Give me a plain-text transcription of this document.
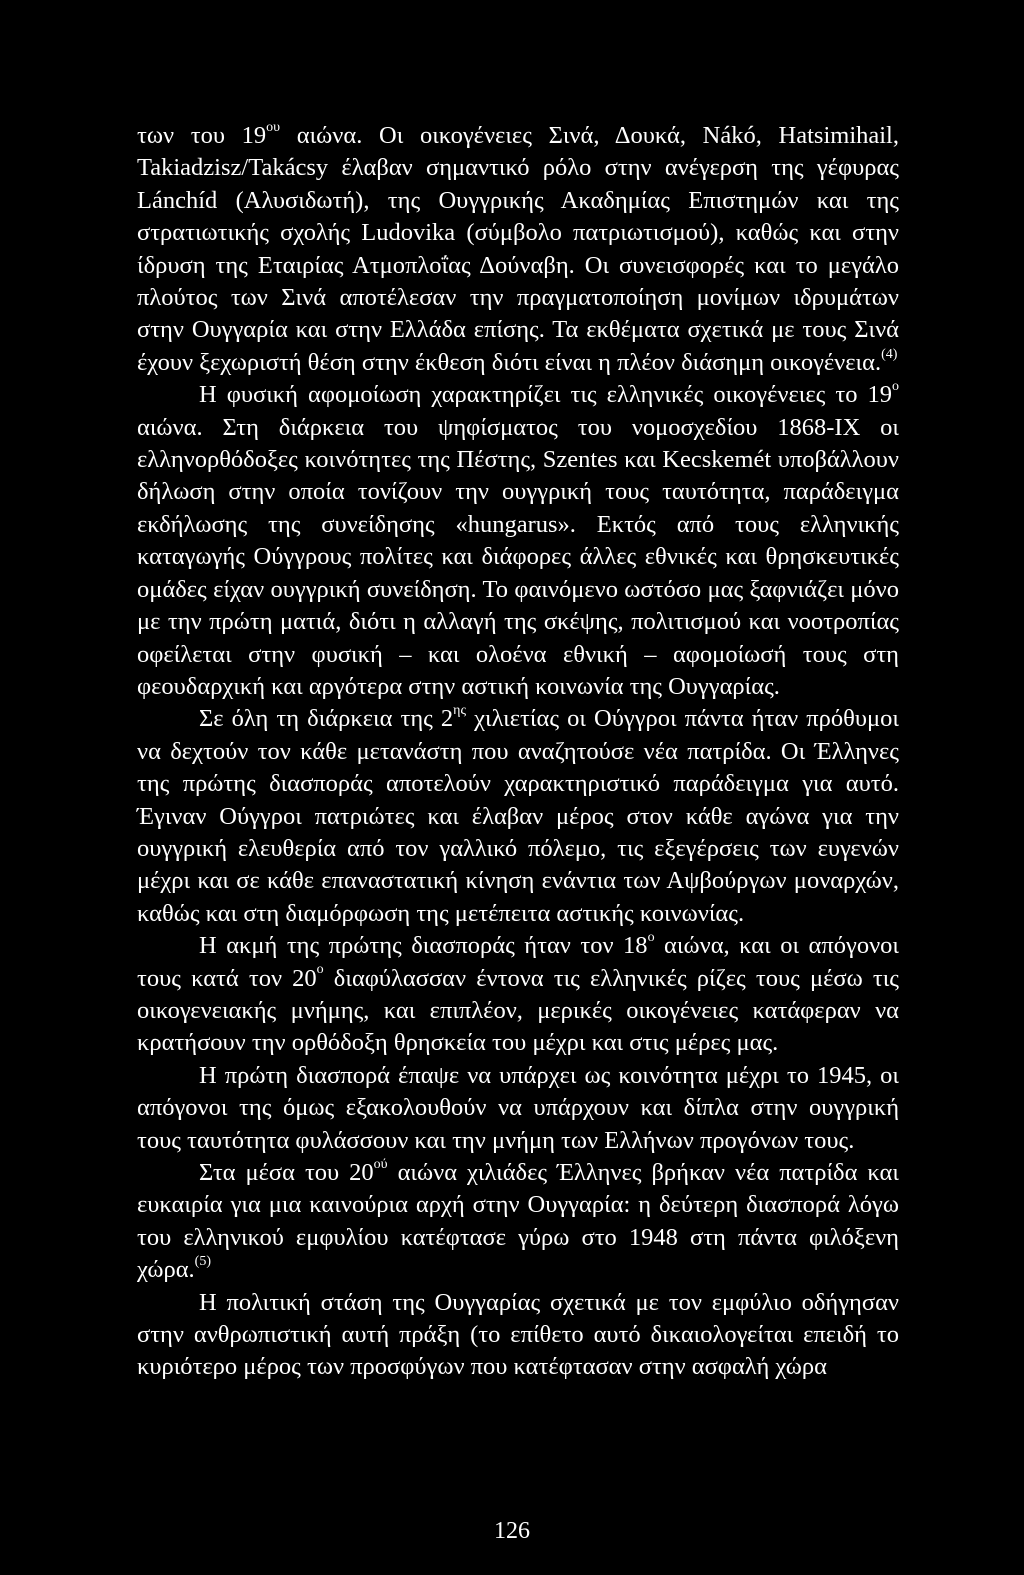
των του $19^{o\upsilon}$ αιώνα. Οι οικογένειες Σινά, Δουκά, Nákó, Hatsimihail, Takiadzisz/Takácsy έλαβαν σημαντικό ρόλο στην ανέγερση της γέφυρας Lánchíd (Αλυσιδωτή), της Ουγγρικής Ακαδημίας Επιστημών και της στρατιωτικής σχολής Ludovika (σύμβολο πατριωτισμού), καθώς και στην ίδρυση της Εταιρίας Ατμοπλοΐας Δούναβη. Οι συνεισφορές και το μεγάλο πλούτος των Σινά αποτέλεσαν την πραγματοποίηση μονίμων ιδρυμάτων στην Ουγγαρία και στην Ελλάδα επίσης. Τα εκθέματα σχετικά με τους Σινά έχουν ξεχωριστή θέση στην έκθεση διότι είναι η πλέον διάσημη οικογένεια.$^{(4)}$

Η φυσική αφομοίωση χαρακτηρίζει τις ελληνικές οικογένειες το $19^o$ αιώνα. Στη διάρκεια του ψηφίσματος του νομοσχεδίου 1868-IX οι ελληνορθόδοξες κοινότητες της Πέστης, Szentes και Kecskemét υποβάλλουν δήλωση στην οποία τονίζουν την ουγγρική τους ταυτότητα, παράδειγμα εκδήλωσης της συνείδησης «hungarus». Εκτός από τους ελληνικής καταγωγής Ούγγρους πολίτες και διάφορες άλλες εθνικές και θρησκευτικές ομάδες είχαν ουγγρική συνείδηση. Το φαινόμενο ωστόσο μας ξαφνιάζει μόνο με την πρώτη ματιά, διότι η αλλαγή της σκέψης, πολιτισμού και νοοτροπίας οφείλεται στην φυσική – και ολοένα εθνική – αφομοίωσή τους στη φεουδαρχική και αργότερα στην αστική κοινωνία της Ουγγαρίας.

Σε όλη τη διάρκεια της $2^{\eta\varsigma}$ χιλιετίας οι Ούγγροι πάντα ήταν πρόθυμοι να δεχτούν τον κάθε μετανάστη που αναζητούσε νέα πατρίδα. Οι Έλληνες της πρώτης διασποράς αποτελούν χαρακτηριστικό παράδειγμα για αυτό. Έγιναν Ούγγροι πατριώτες και έλαβαν μέρος στον κάθε αγώνα για την ουγγρική ελευθερία από τον γαλλικό πόλεμο, τις εξεγέρσεις των ευγενών μέχρι και σε κάθε επαναστατική κίνηση ενάντια των Αψβούργων μοναρχών, καθώς και στη διαμόρφωση της μετέπειτα αστικής κοινωνίας.

Η ακμή της πρώτης διασποράς ήταν τον $18^o$ αιώνα, και οι απόγονοι τους κατά τον $20^o$ διαφύλασσαν έντονα τις ελληνικές ρίζες τους μέσω τις οικογενειακής μνήμης, και επιπλέον, μερικές οικογένειες κατάφεραν να κρατήσουν την ορθόδοξη θρησκεία του μέχρι και στις μέρες μας.

Η πρώτη διασπορά έπαψε να υπάρχει ως κοινότητα μέχρι το 1945, οι απόγονοι της όμως εξακολουθούν να υπάρχουν και δίπλα στην ουγγρική τους ταυτότητα φυλάσσουν και την μνήμη των Ελλήνων προγόνων τους.

Στα μέσα του $20^{oύ}$ αιώνα χιλιάδες Έλληνες βρήκαν νέα πατρίδα και ευκαιρία για μια καινούρια αρχή στην Ουγγαρία: η δεύτερη διασπορά λόγω του ελληνικού εμφυλίου κατέφτασε γύρω στο 1948 στη πάντα φιλόξενη χώρα.$^{(5)}$

Η πολιτική στάση της Ουγγαρίας σχετικά με τον εμφύλιο οδήγησαν στην ανθρωπιστική αυτή πράξη (το επίθετο αυτό δικαιολογείται επειδή το κυριότερο μέρος των προσφύγων που κατέφτασαν στην ασφαλή χώρα

126
